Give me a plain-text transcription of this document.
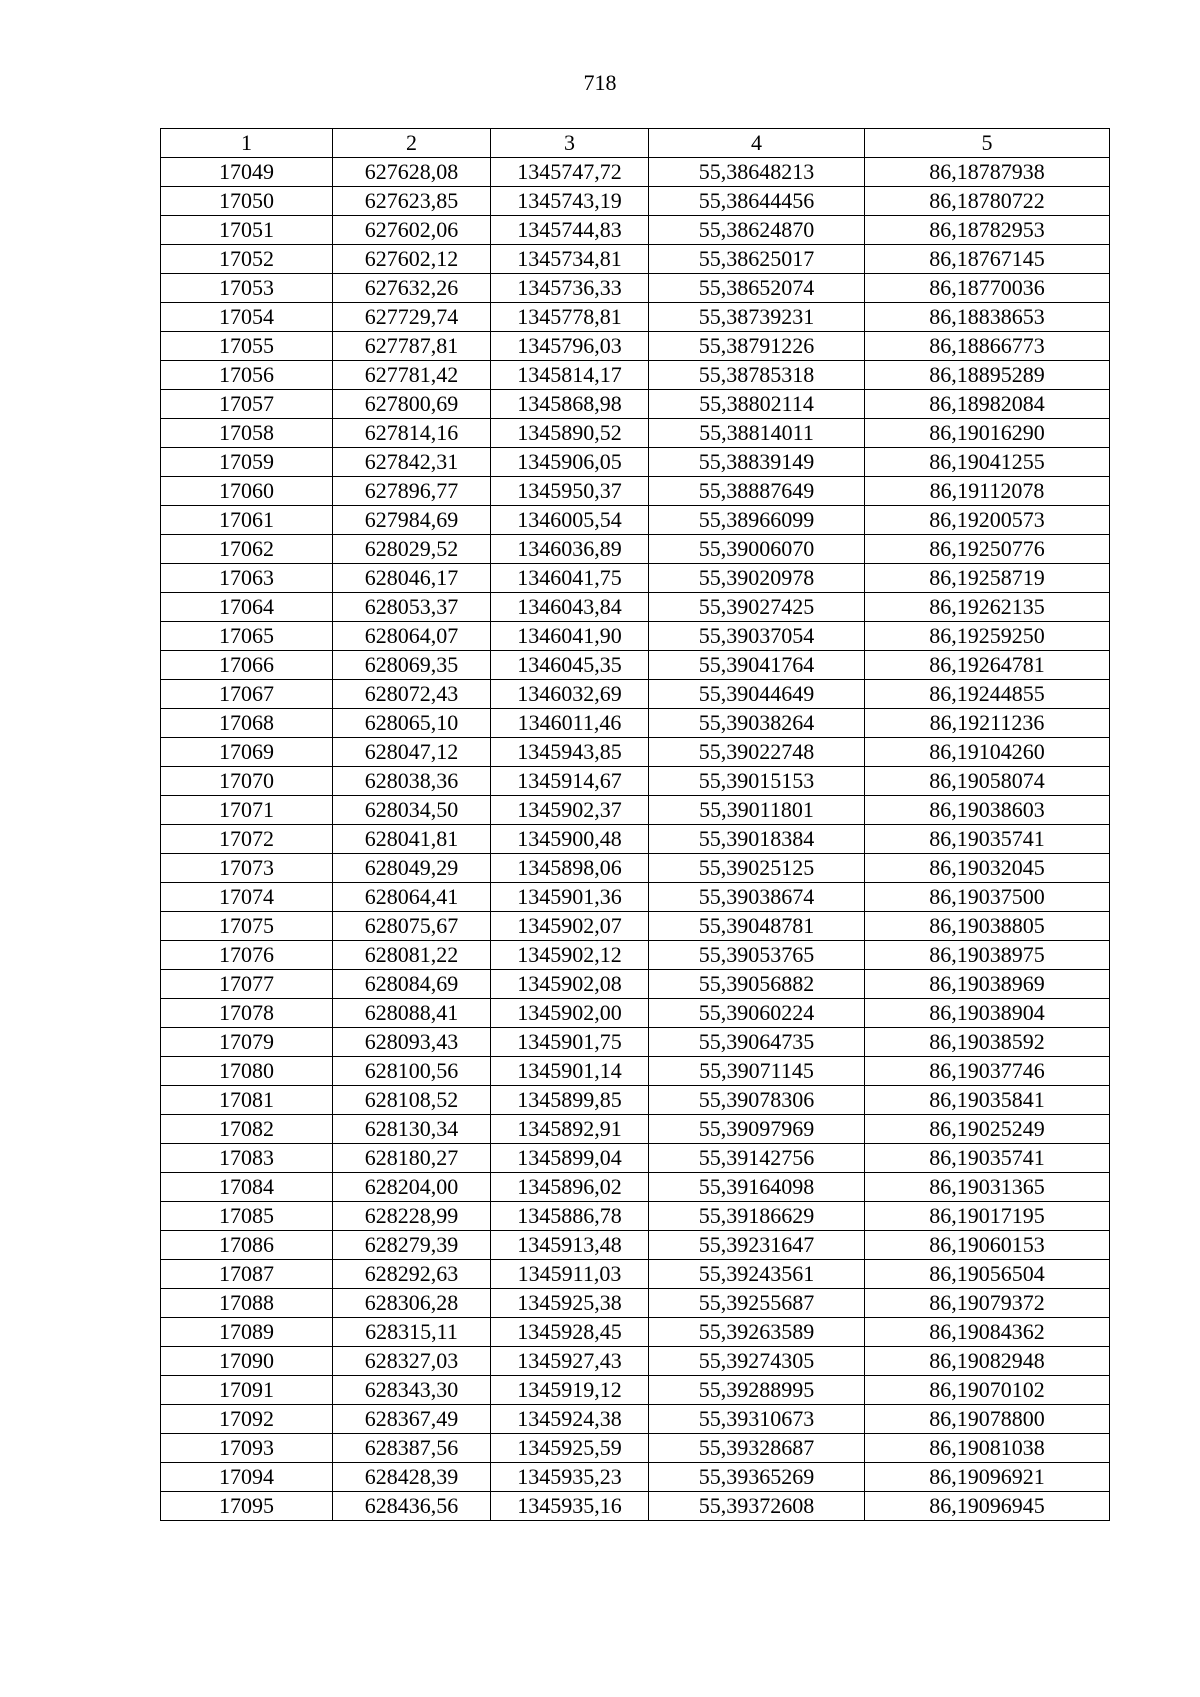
718
1	2	3	4	5
17049	627628,08	1345747,72	55,38648213	86,18787938
17050	627623,85	1345743,19	55,38644456	86,18780722
17051	627602,06	1345744,83	55,38624870	86,18782953
17052	627602,12	1345734,81	55,38625017	86,18767145
17053	627632,26	1345736,33	55,38652074	86,18770036
17054	627729,74	1345778,81	55,38739231	86,18838653
17055	627787,81	1345796,03	55,38791226	86,18866773
17056	627781,42	1345814,17	55,38785318	86,18895289
17057	627800,69	1345868,98	55,38802114	86,18982084
17058	627814,16	1345890,52	55,38814011	86,19016290
17059	627842,31	1345906,05	55,38839149	86,19041255
17060	627896,77	1345950,37	55,38887649	86,19112078
17061	627984,69	1346005,54	55,38966099	86,19200573
17062	628029,52	1346036,89	55,39006070	86,19250776
17063	628046,17	1346041,75	55,39020978	86,19258719
17064	628053,37	1346043,84	55,39027425	86,19262135
17065	628064,07	1346041,90	55,39037054	86,19259250
17066	628069,35	1346045,35	55,39041764	86,19264781
17067	628072,43	1346032,69	55,39044649	86,19244855
17068	628065,10	1346011,46	55,39038264	86,19211236
17069	628047,12	1345943,85	55,39022748	86,19104260
17070	628038,36	1345914,67	55,39015153	86,19058074
17071	628034,50	1345902,37	55,39011801	86,19038603
17072	628041,81	1345900,48	55,39018384	86,19035741
17073	628049,29	1345898,06	55,39025125	86,19032045
17074	628064,41	1345901,36	55,39038674	86,19037500
17075	628075,67	1345902,07	55,39048781	86,19038805
17076	628081,22	1345902,12	55,39053765	86,19038975
17077	628084,69	1345902,08	55,39056882	86,19038969
17078	628088,41	1345902,00	55,39060224	86,19038904
17079	628093,43	1345901,75	55,39064735	86,19038592
17080	628100,56	1345901,14	55,39071145	86,19037746
17081	628108,52	1345899,85	55,39078306	86,19035841
17082	628130,34	1345892,91	55,39097969	86,19025249
17083	628180,27	1345899,04	55,39142756	86,19035741
17084	628204,00	1345896,02	55,39164098	86,19031365
17085	628228,99	1345886,78	55,39186629	86,19017195
17086	628279,39	1345913,48	55,39231647	86,19060153
17087	628292,63	1345911,03	55,39243561	86,19056504
17088	628306,28	1345925,38	55,39255687	86,19079372
17089	628315,11	1345928,45	55,39263589	86,19084362
17090	628327,03	1345927,43	55,39274305	86,19082948
17091	628343,30	1345919,12	55,39288995	86,19070102
17092	628367,49	1345924,38	55,39310673	86,19078800
17093	628387,56	1345925,59	55,39328687	86,19081038
17094	628428,39	1345935,23	55,39365269	86,19096921
17095	628436,56	1345935,16	55,39372608	86,19096945
